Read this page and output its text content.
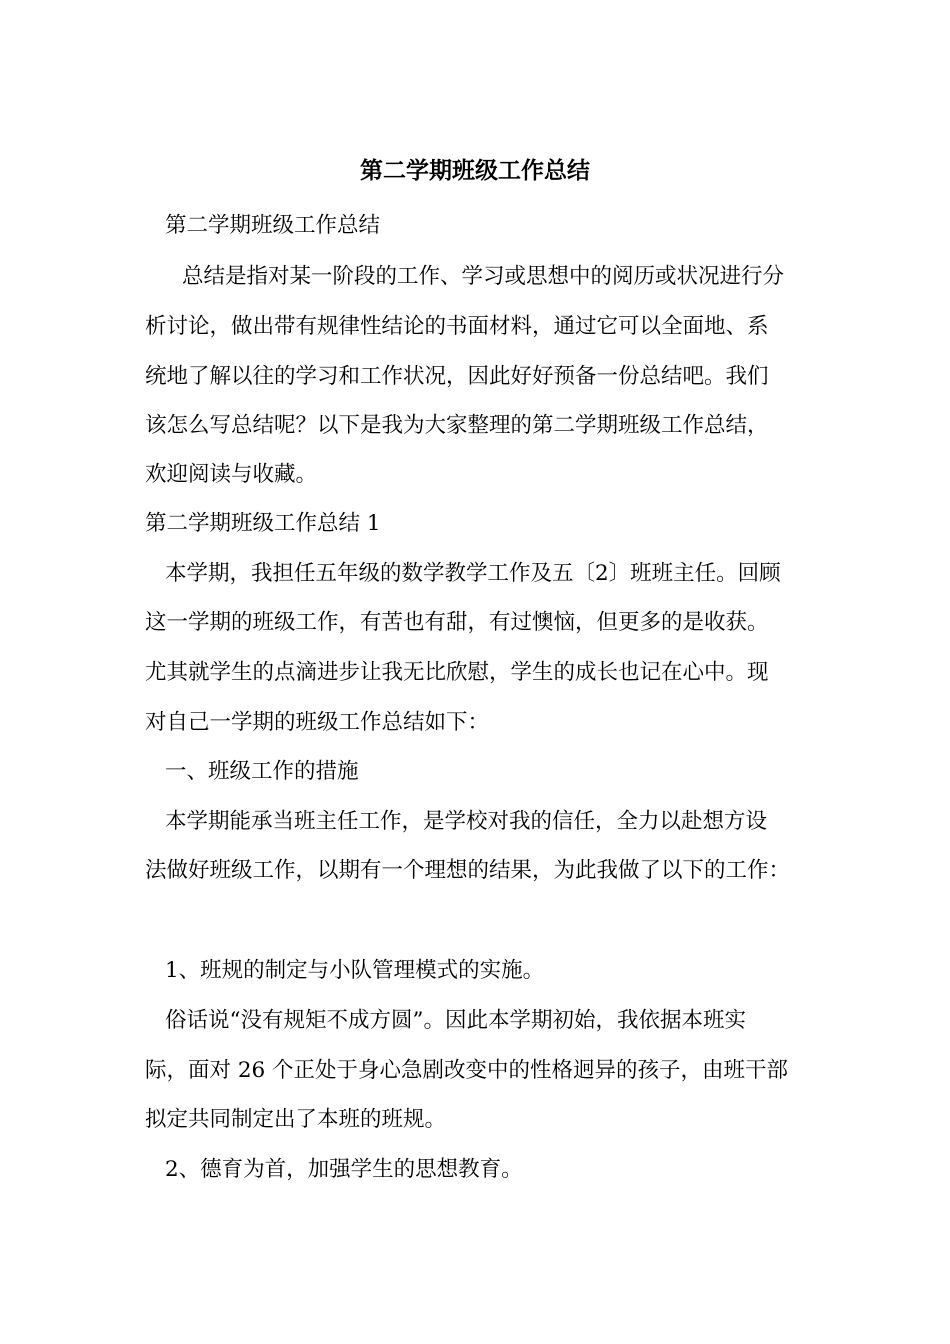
第二学期班级工作总结
第二学期班级工作总结
总结是指对某一阶段的工作、学习或思想中的阅历或状况进行分
析讨论，做出带有规律性结论的书面材料，通过它可以全面地、系
统地了解以往的学习和工作状况，因此好好预备一份总结吧。我们
该怎么写总结呢？以下是我为大家整理的第二学期班级工作总结，
欢迎阅读与收藏。
第二学期班级工作总结 1
本学期，我担任五年级的数学教学工作及五〔2〕班班主任。回顾
这一学期的班级工作，有苦也有甜，有过懊恼，但更多的是收获。
尤其就学生的点滴进步让我无比欣慰，学生的成长也记在心中。现
对自己一学期的班级工作总结如下：
一、班级工作的措施
本学期能承当班主任工作，是学校对我的信任，全力以赴想方设
法做好班级工作，以期有一个理想的结果，为此我做了以下的工作：
1、班规的制定与小队管理模式的实施。
俗话说“没有规矩不成方圆”。因此本学期初始，我依据本班实
际，面对 26 个正处于身心急剧改变中的性格迥异的孩子，由班干部
拟定共同制定出了本班的班规。
2、德育为首，加强学生的思想教育。
